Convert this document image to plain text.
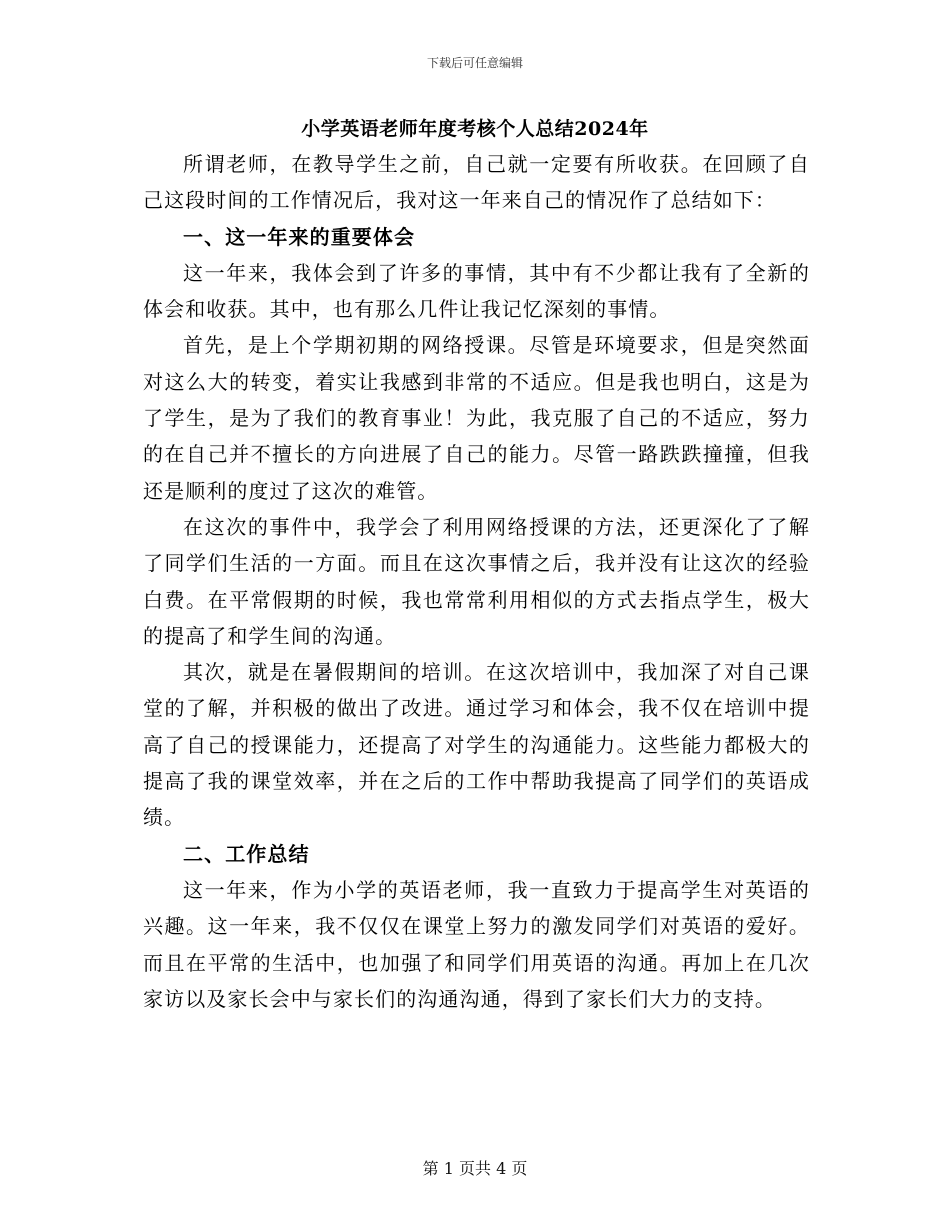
下载后可任意编辑
小学英语老师年度考核个人总结2024年

所谓老师，在教导学生之前，自己就一定要有所收获。在回顾了自己这段时间的工作情况后，我对这一年来自己的情况作了总结如下：

一、这一年来的重要体会

这一年来，我体会到了许多的事情，其中有不少都让我有了全新的体会和收获。其中，也有那么几件让我记忆深刻的事情。

首先，是上个学期初期的网络授课。尽管是环境要求，但是突然面对这么大的转变，着实让我感到非常的不适应。但是我也明白，这是为了学生，是为了我们的教育事业！为此，我克服了自己的不适应，努力的在自己并不擅长的方向进展了自己的能力。尽管一路跌跌撞撞，但我还是顺利的度过了这次的难管。

在这次的事件中，我学会了利用网络授课的方法，还更深化了了解了同学们生活的一方面。而且在这次事情之后，我并没有让这次的经验白费。在平常假期的时候，我也常常利用相似的方式去指点学生，极大的提高了和学生间的沟通。

其次，就是在暑假期间的培训。在这次培训中，我加深了对自己课堂的了解，并积极的做出了改进。通过学习和体会，我不仅在培训中提高了自己的授课能力，还提高了对学生的沟通能力。这些能力都极大的提高了我的课堂效率，并在之后的工作中帮助我提高了同学们的英语成绩。

二、工作总结

这一年来，作为小学的英语老师，我一直致力于提高学生对英语的兴趣。这一年来，我不仅仅在课堂上努力的激发同学们对英语的爱好。而且在平常的生活中，也加强了和同学们用英语的沟通。再加上在几次家访以及家长会中与家长们的沟通沟通，得到了家长们大力的支持。

第 1 页共 4 页
